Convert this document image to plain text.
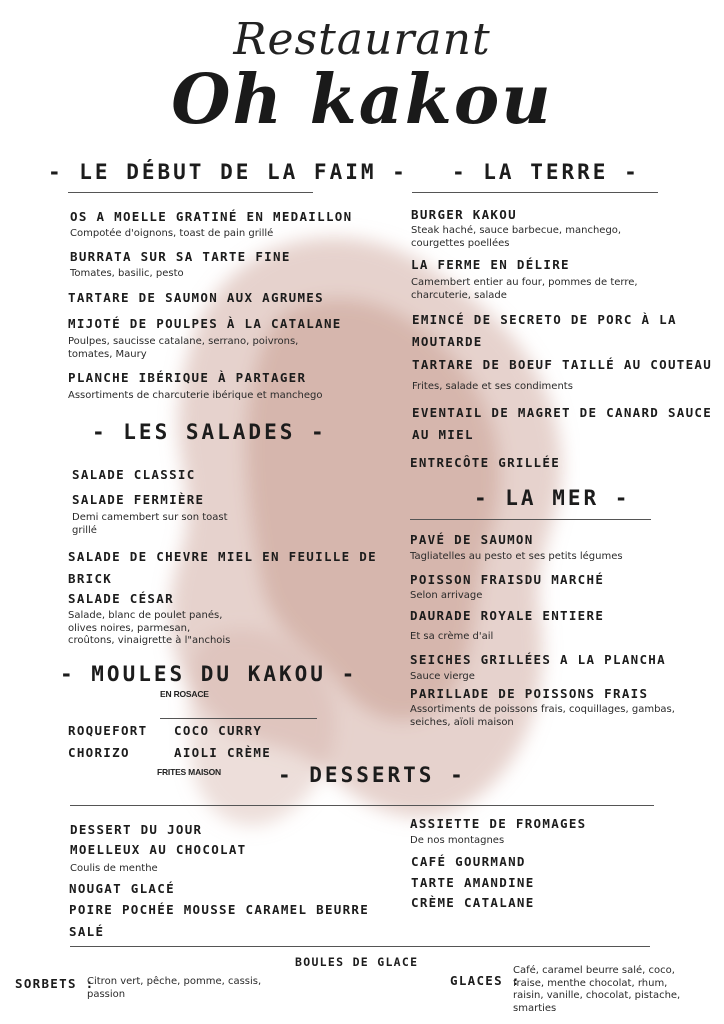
Restaurant
Oh kakou
- LE DÉBUT DE LA FAIM -
OS A MOELLE GRATINÉ EN MEDAILLON
Compotée d'oignons, toast de pain grillé
BURRATA SUR SA TARTE FINE
Tomates, basilic, pesto
TARTARE DE SAUMON AUX AGRUMES
MIJOTÉ DE POULPES À LA CATALANE
Poulpes, saucisse catalane, serrano, poivrons,
tomates, Maury
PLANCHE IBÉRIQUE À PARTAGER
Assortiments de charcuterie ibérique et manchego
- LES SALADES -
SALADE CLASSIC
SALADE FERMIÈRE
Demi camembert sur son toast
grillé
SALADE DE CHEVRE MIEL EN FEUILLE DE
BRICK
SALADE CÉSAR
Salade, blanc de poulet panés,
olives noires, parmesan,
croûtons, vinaigrette à l"anchois
- MOULES DU KAKOU -
EN ROSACE
ROQUEFORT COCO CURRY
CHORIZO	AIOLI CRÈME
FRITES MAISON
- LA TERRE -
BURGER KAKOU
Steak haché, sauce barbecue, manchego,
courgettes poellées
LA FERME EN DÉLIRE
Camembert entier au four, pommes de terre,
charcuterie, salade
EMINCÉ DE SECRETO DE PORC À LA
MOUTARDE
TARTARE DE BOEUF TAILLÉ AU COUTEAU
Frites, salade et ses condiments
EVENTAIL DE MAGRET DE CANARD SAUCE
AU MIEL
ENTRECÔTE GRILLÉE
- LA MER -
PAVÉ DE SAUMON
Tagliatelles au pesto et ses petits légumes
POISSON FRAISDU MARCHÉ
Selon arrivage
DAURADE ROYALE ENTIERE
Et sa crème d'ail
SEICHES GRILLÉES A LA PLANCHA
Sauce vierge
PARILLADE DE POISSONS FRAIS
Assortiments de poissons frais, coquillages, gambas,
seiches, aïoli maison
- DESSERTS -
DESSERT DU JOUR
MOELLEUX AU CHOCOLAT
Coulis de menthe
NOUGAT GLACÉ
POIRE POCHÉE MOUSSE CARAMEL BEURRE
SALÉ
ASSIETTE DE FROMAGES
De nos montagnes
CAFÉ GOURMAND
TARTE AMANDINE
CRÈME CATALANE
BOULES DE GLACE
SORBETS :
Citron vert, pêche, pomme, cassis,
passion
GLACES :
Café, caramel beurre salé, coco,
fraise, menthe chocolat, rhum,
raisin, vanille, chocolat, pistache,
smarties
